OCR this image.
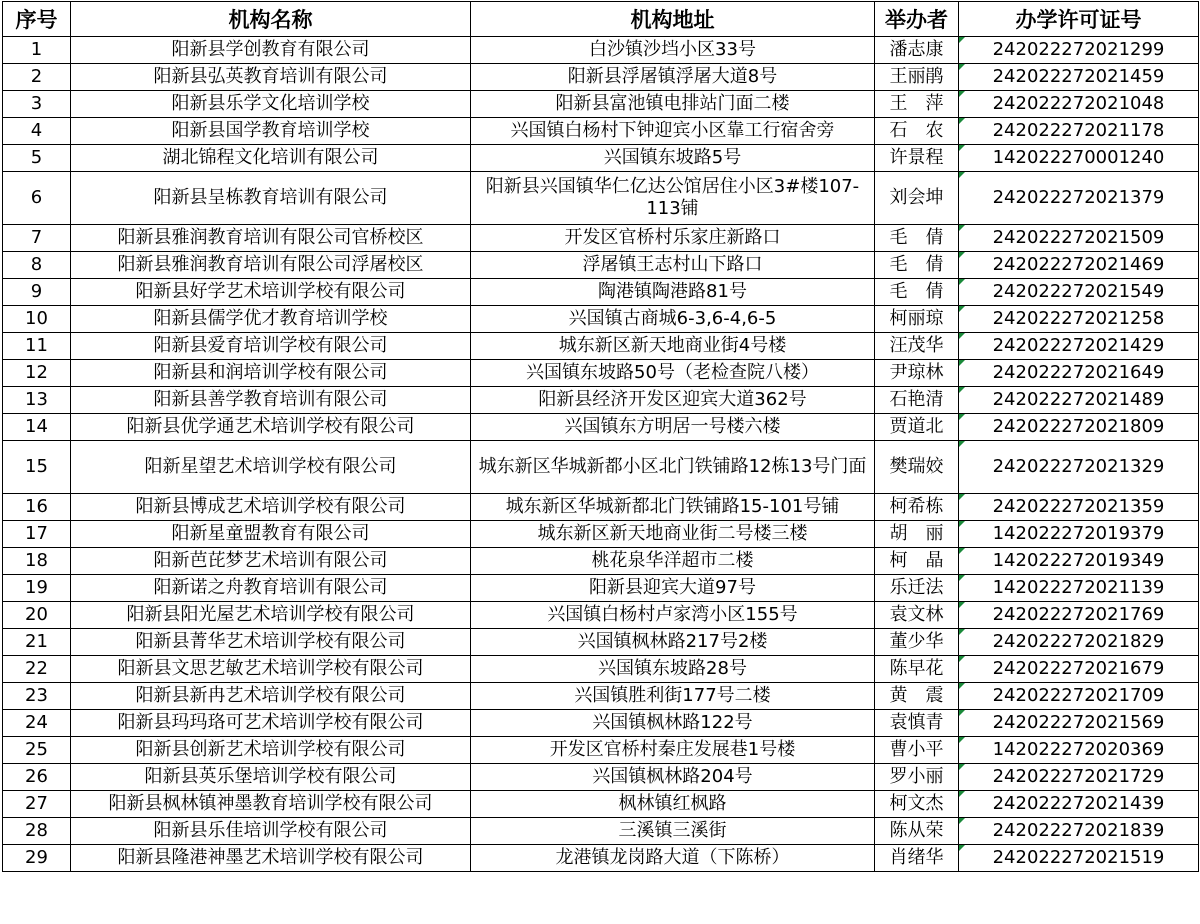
序号	机构名称	机构地址	举办者	办学许可证号
1	阳新县学创教育有限公司	白沙镇沙垱小区33号	潘志康	242022272021299
2	阳新县弘英教育培训有限公司	阳新县浮屠镇浮屠大道8号	王丽鹃	242022272021459
3	阳新县乐学文化培训学校	阳新县富池镇电排站门面二楼	王　萍	242022272021048
4	阳新县国学教育培训学校	兴国镇白杨村下钟迎宾小区靠工行宿舍旁	石　农	242022272021178
5	湖北锦程文化培训有限公司	兴国镇东坡路5号	许景程	142022270001240
6	阳新县呈栋教育培训有限公司	阳新县兴国镇华仁亿达公馆居住小区3#楼107-113铺	刘会坤	242022272021379
7	阳新县雅润教育培训有限公司官桥校区	开发区官桥村乐家庄新路口	毛　倩	242022272021509
8	阳新县雅润教育培训有限公司浮屠校区	浮屠镇王志村山下路口	毛　倩	242022272021469
9	阳新县好学艺术培训学校有限公司	陶港镇陶港路81号	毛　倩	242022272021549
10	阳新县儒学优才教育培训学校	兴国镇古商城6-3,6-4,6-5	柯丽琼	242022272021258
11	阳新县爱育培训学校有限公司	城东新区新天地商业街4号楼	汪茂华	242022272021429
12	阳新县和润培训学校有限公司	兴国镇东坡路50号（老检查院八楼）	尹琼林	242022272021649
13	阳新县善学教育培训有限公司	阳新县经济开发区迎宾大道362号	石艳清	242022272021489
14	阳新县优学通艺术培训学校有限公司	兴国镇东方明居一号楼六楼	贾道北	242022272021809
15	阳新星望艺术培训学校有限公司	城东新区华城新都小区北门铁铺路12栋13号门面	樊瑞姣	242022272021329
16	阳新县博成艺术培训学校有限公司	城东新区华城新都北门铁铺路15-101号铺	柯希栋	242022272021359
17	阳新星童盟教育有限公司	城东新区新天地商业街二号楼三楼	胡　丽	142022272019379
18	阳新芭芘梦艺术培训有限公司	桃花泉华洋超市二楼	柯　晶	142022272019349
19	阳新诺之舟教育培训有限公司	阳新县迎宾大道97号	乐迁法	142022272021139
20	阳新县阳光屋艺术培训学校有限公司	兴国镇白杨村卢家湾小区155号	袁文林	242022272021769
21	阳新县菁华艺术培训学校有限公司	兴国镇枫林路217号2楼	董少华	242022272021829
22	阳新县文思艺敏艺术培训学校有限公司	兴国镇东坡路28号	陈早花	242022272021679
23	阳新县新冉艺术培训学校有限公司	兴国镇胜利街177号二楼	黄　震	242022272021709
24	阳新县玛玛珞可艺术培训学校有限公司	兴国镇枫林路122号	袁慎青	242022272021569
25	阳新县创新艺术培训学校有限公司	开发区官桥村秦庄发展巷1号楼	曹小平	142022272020369
26	阳新县英乐堡培训学校有限公司	兴国镇枫林路204号	罗小丽	242022272021729
27	阳新县枫林镇神墨教育培训学校有限公司	枫林镇红枫路	柯文杰	242022272021439
28	阳新县乐佳培训学校有限公司	三溪镇三溪街	陈从荣	242022272021839
29	阳新县隆港神墨艺术培训学校有限公司	龙港镇龙岗路大道（下陈桥）	肖绪华	242022272021519
